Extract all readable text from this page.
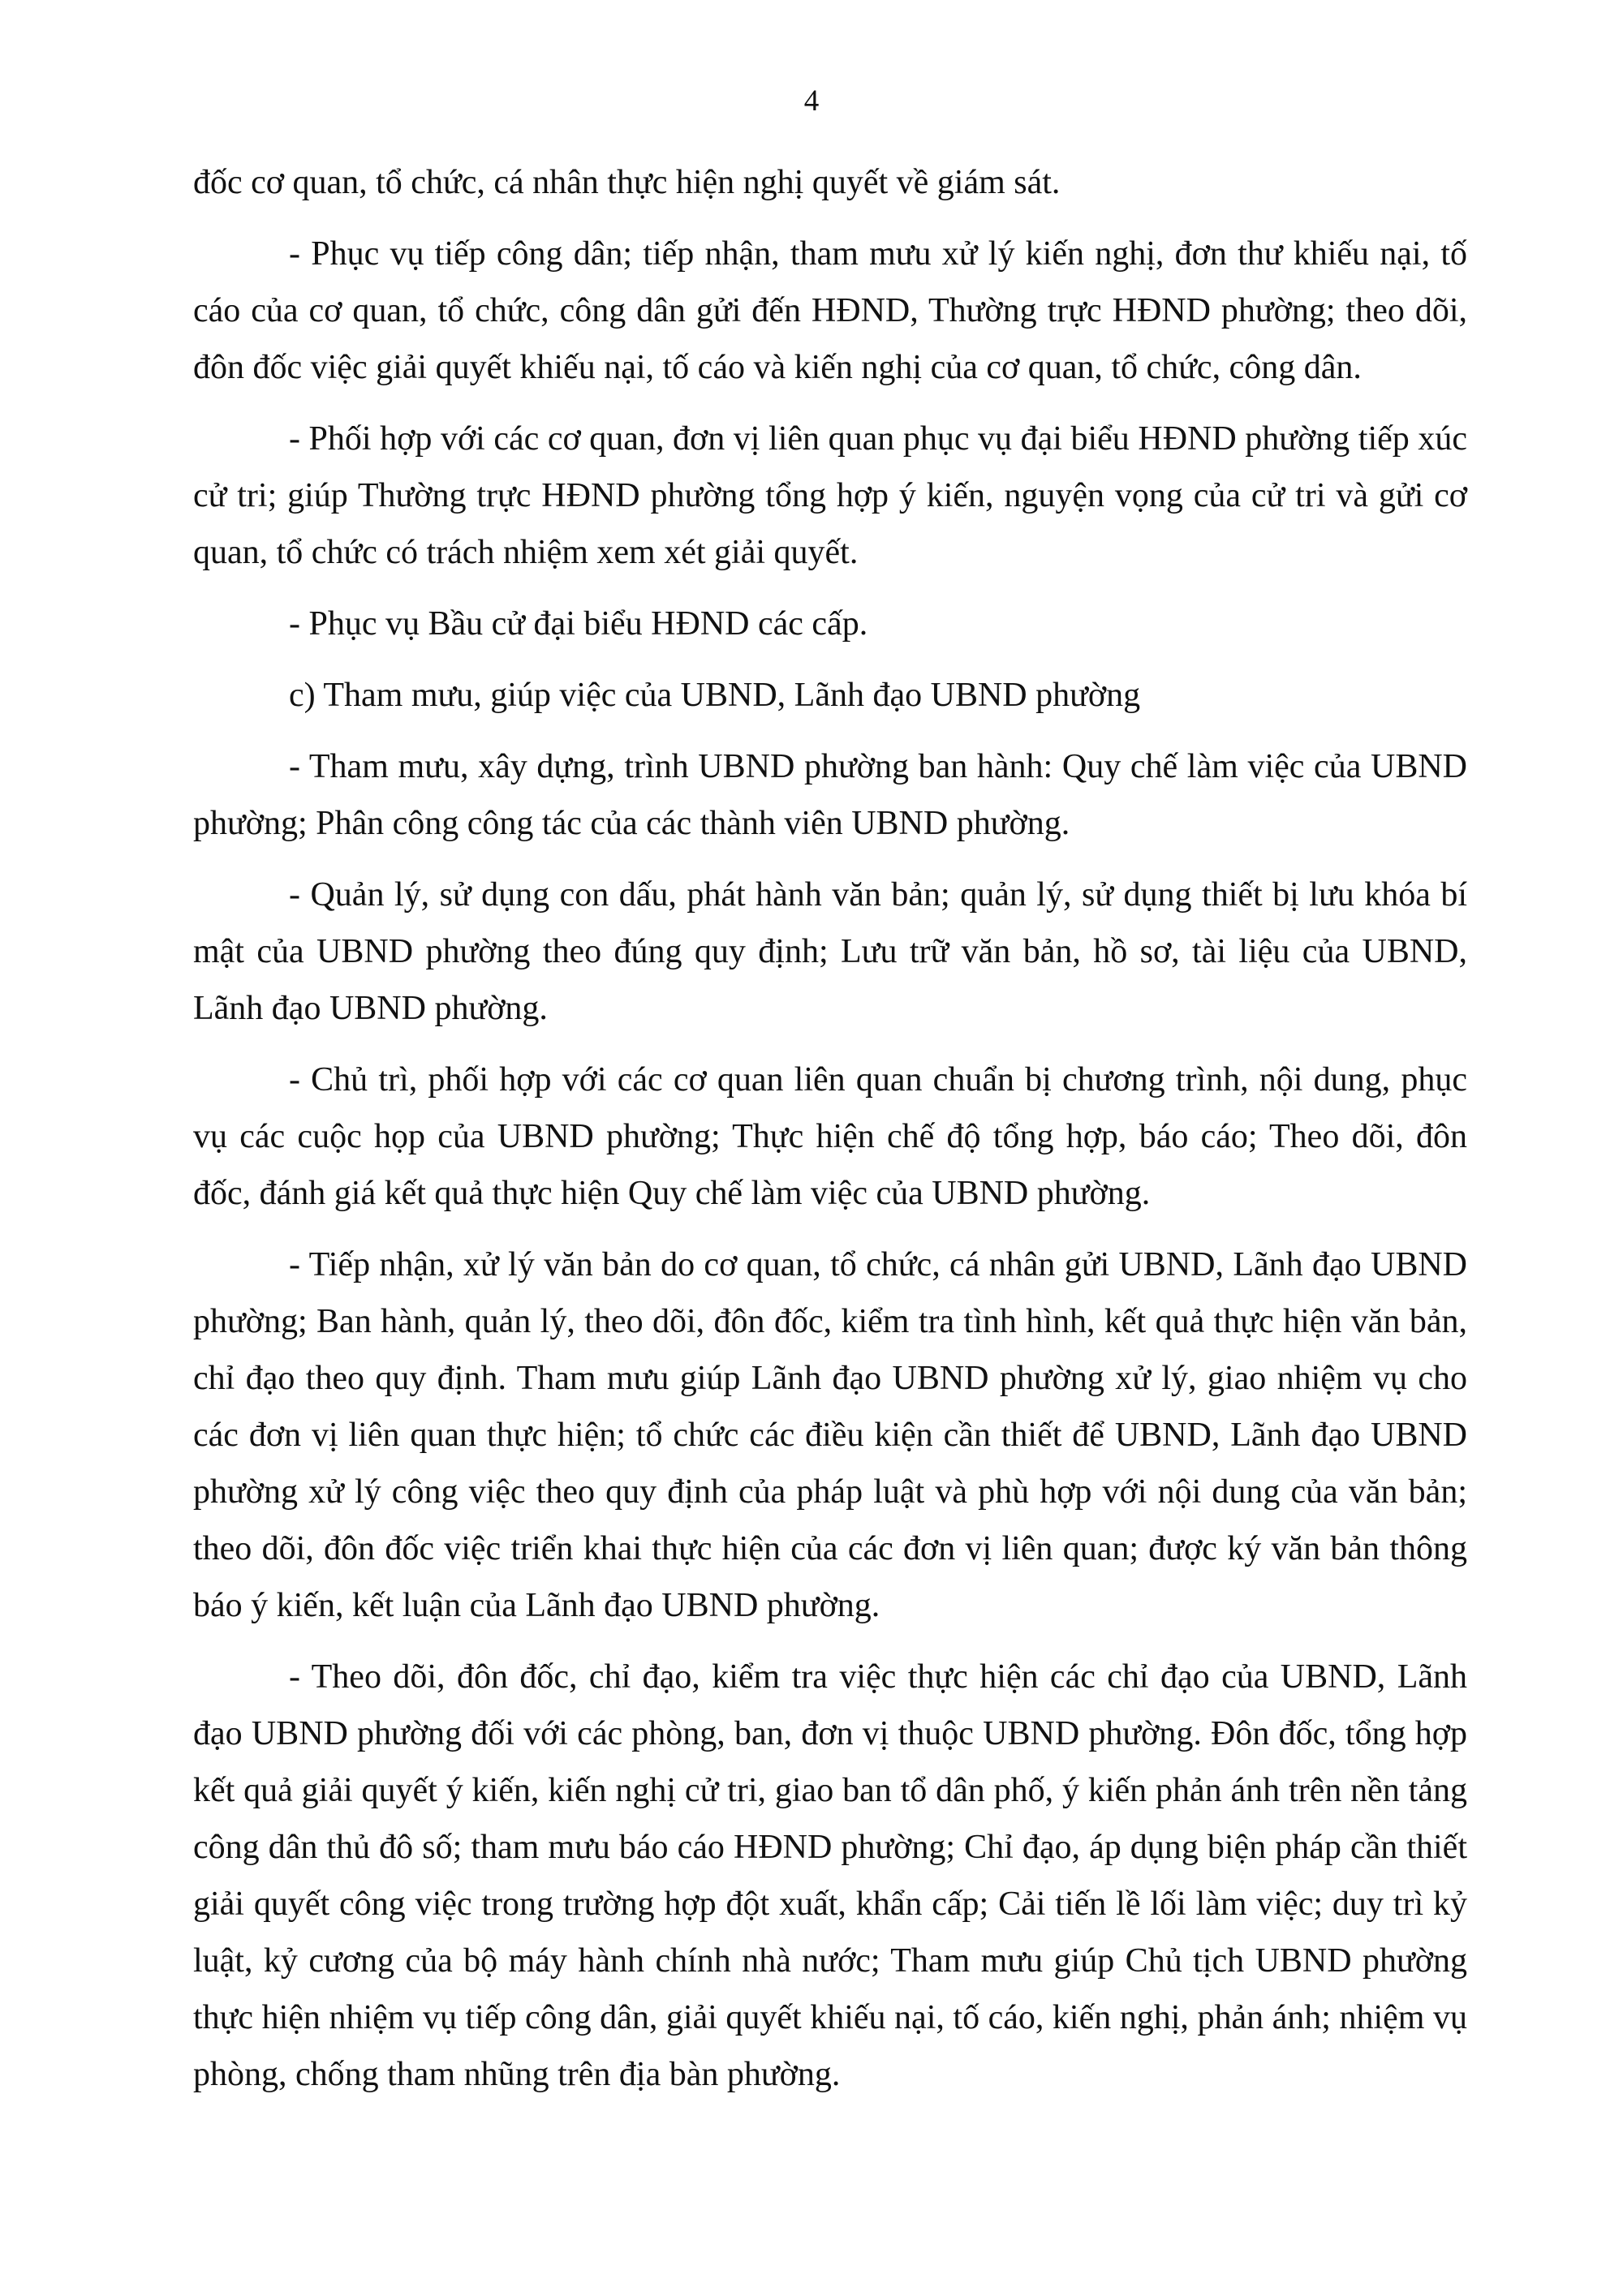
4

đốc cơ quan, tổ chức, cá nhân thực hiện nghị quyết về giám sát.

- Phục vụ tiếp công dân; tiếp nhận, tham mưu xử lý kiến nghị, đơn thư khiếu nại, tố cáo của cơ quan, tổ chức, công dân gửi đến HĐND, Thường trực HĐND phường; theo dõi, đôn đốc việc giải quyết khiếu nại, tố cáo và kiến nghị của cơ quan, tổ chức, công dân.

- Phối hợp với các cơ quan, đơn vị liên quan phục vụ đại biểu HĐND phường tiếp xúc cử tri; giúp Thường trực HĐND phường tổng hợp ý kiến, nguyện vọng của cử tri và gửi cơ quan, tổ chức có trách nhiệm xem xét giải quyết.

- Phục vụ Bầu cử đại biểu HĐND các cấp.

c) Tham mưu, giúp việc của UBND, Lãnh đạo UBND phường

- Tham mưu, xây dựng, trình UBND phường ban hành: Quy chế làm việc của UBND phường; Phân công công tác của các thành viên UBND phường.

- Quản lý, sử dụng con dấu, phát hành văn bản; quản lý, sử dụng thiết bị lưu khóa bí mật của UBND phường theo đúng quy định; Lưu trữ văn bản, hồ sơ, tài liệu của UBND, Lãnh đạo UBND phường.

- Chủ trì, phối hợp với các cơ quan liên quan chuẩn bị chương trình, nội dung, phục vụ các cuộc họp của UBND phường; Thực hiện chế độ tổng hợp, báo cáo; Theo dõi, đôn đốc, đánh giá kết quả thực hiện Quy chế làm việc của UBND phường.

- Tiếp nhận, xử lý văn bản do cơ quan, tổ chức, cá nhân gửi UBND, Lãnh đạo UBND phường; Ban hành, quản lý, theo dõi, đôn đốc, kiểm tra tình hình, kết quả thực hiện văn bản, chỉ đạo theo quy định. Tham mưu giúp Lãnh đạo UBND phường xử lý, giao nhiệm vụ cho các đơn vị liên quan thực hiện; tổ chức các điều kiện cần thiết để UBND, Lãnh đạo UBND phường xử lý công việc theo quy định của pháp luật và phù hợp với nội dung của văn bản; theo dõi, đôn đốc việc triển khai thực hiện của các đơn vị liên quan; được ký văn bản thông báo ý kiến, kết luận của Lãnh đạo UBND phường.

- Theo dõi, đôn đốc, chỉ đạo, kiểm tra việc thực hiện các chỉ đạo của UBND, Lãnh đạo UBND phường đối với các phòng, ban, đơn vị thuộc UBND phường. Đôn đốc, tổng hợp kết quả giải quyết ý kiến, kiến nghị cử tri, giao ban tổ dân phố, ý kiến phản ánh trên nền tảng công dân thủ đô số; tham mưu báo cáo HĐND phường; Chỉ đạo, áp dụng biện pháp cần thiết giải quyết công việc trong trường hợp đột xuất, khẩn cấp; Cải tiến lề lối làm việc; duy trì kỷ luật, kỷ cương của bộ máy hành chính nhà nước; Tham mưu giúp Chủ tịch UBND phường thực hiện nhiệm vụ tiếp công dân, giải quyết khiếu nại, tố cáo, kiến nghị, phản ánh; nhiệm vụ phòng, chống tham nhũng trên địa bàn phường.
